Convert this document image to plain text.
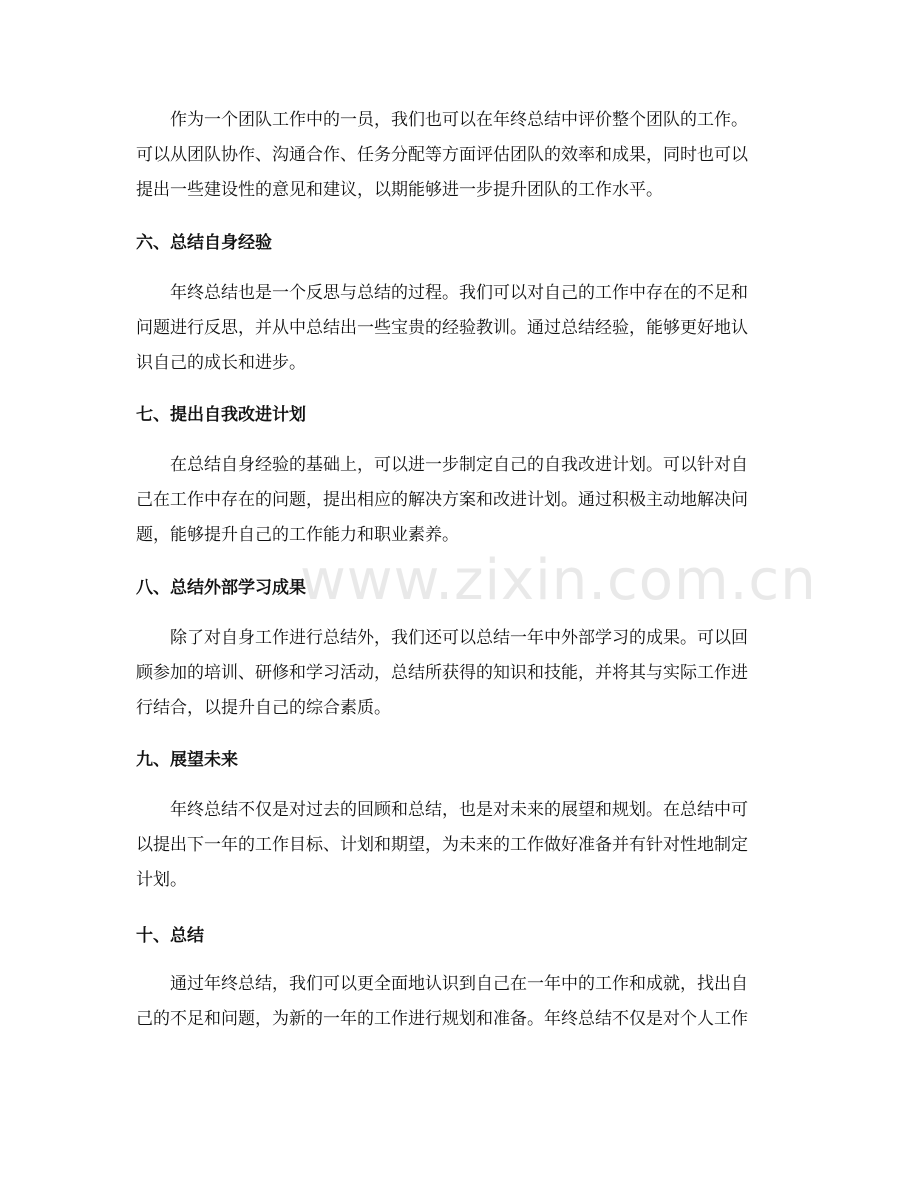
www.zixin.com.cn

作为一个团队工作中的一员，我们也可以在年终总结中评价整个团队的工作。
可以从团队协作、沟通合作、任务分配等方面评估团队的效率和成果，同时也可以
提出一些建设性的意见和建议，以期能够进一步提升团队的工作水平。

六、总结自身经验

年终总结也是一个反思与总结的过程。我们可以对自己的工作中存在的不足和
问题进行反思，并从中总结出一些宝贵的经验教训。通过总结经验，能够更好地认
识自己的成长和进步。

七、提出自我改进计划

在总结自身经验的基础上，可以进一步制定自己的自我改进计划。可以针对自
己在工作中存在的问题，提出相应的解决方案和改进计划。通过积极主动地解决问
题，能够提升自己的工作能力和职业素养。

八、总结外部学习成果

除了对自身工作进行总结外，我们还可以总结一年中外部学习的成果。可以回
顾参加的培训、研修和学习活动，总结所获得的知识和技能，并将其与实际工作进
行结合，以提升自己的综合素质。

九、展望未来

年终总结不仅是对过去的回顾和总结，也是对未来的展望和规划。在总结中可
以提出下一年的工作目标、计划和期望，为未来的工作做好准备并有针对性地制定
计划。

十、总结

通过年终总结，我们可以更全面地认识到自己在一年中的工作和成就，找出自
己的不足和问题，为新的一年的工作进行规划和准备。年终总结不仅是对个人工作
